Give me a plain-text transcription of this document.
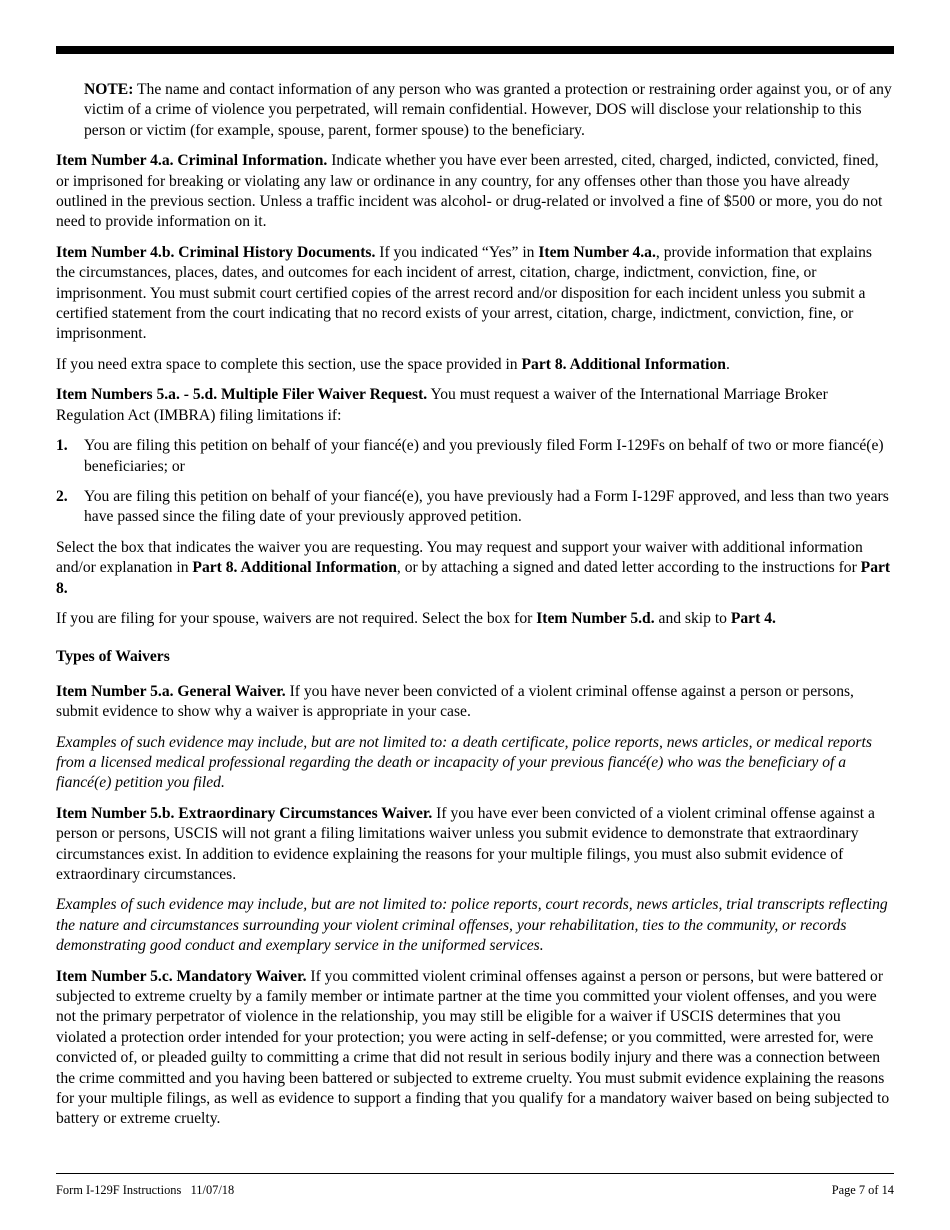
NOTE: The name and contact information of any person who was granted a protection or restraining order against you, or of any victim of a crime of violence you perpetrated, will remain confidential. However, DOS will disclose your relationship to this person or victim (for example, spouse, parent, former spouse) to the beneficiary.

Item Number 4.a. Criminal Information. Indicate whether you have ever been arrested, cited, charged, indicted, convicted, fined, or imprisoned for breaking or violating any law or ordinance in any country, for any offenses other than those you have already outlined in the previous section. Unless a traffic incident was alcohol- or drug-related or involved a fine of $500 or more, you do not need to provide information on it.

Item Number 4.b. Criminal History Documents. If you indicated “Yes” in Item Number 4.a., provide information that explains the circumstances, places, dates, and outcomes for each incident of arrest, citation, charge, indictment, conviction, fine, or imprisonment. You must submit court certified copies of the arrest record and/or disposition for each incident unless you submit a certified statement from the court indicating that no record exists of your arrest, citation, charge, indictment, conviction, fine, or imprisonment.

If you need extra space to complete this section, use the space provided in Part 8. Additional Information.

Item Numbers 5.a. - 5.d. Multiple Filer Waiver Request. You must request a waiver of the International Marriage Broker Regulation Act (IMBRA) filing limitations if:

1.	You are filing this petition on behalf of your fiancé(e) and you previously filed Form I-129Fs on behalf of two or more fiancé(e) beneficiaries; or
2.	You are filing this petition on behalf of your fiancé(e), you have previously had a Form I-129F approved, and less than two years have passed since the filing date of your previously approved petition.

Select the box that indicates the waiver you are requesting. You may request and support your waiver with additional information and/or explanation in Part 8. Additional Information, or by attaching a signed and dated letter according to the instructions for Part 8.

If you are filing for your spouse, waivers are not required. Select the box for Item Number 5.d. and skip to Part 4.

Types of Waivers

Item Number 5.a. General Waiver. If you have never been convicted of a violent criminal offense against a person or persons, submit evidence to show why a waiver is appropriate in your case.

Examples of such evidence may include, but are not limited to: a death certificate, police reports, news articles, or medical reports from a licensed medical professional regarding the death or incapacity of your previous fiancé(e) who was the beneficiary of a fiancé(e) petition you filed.

Item Number 5.b. Extraordinary Circumstances Waiver. If you have ever been convicted of a violent criminal offense against a person or persons, USCIS will not grant a filing limitations waiver unless you submit evidence to demonstrate that extraordinary circumstances exist. In addition to evidence explaining the reasons for your multiple filings, you must also submit evidence of extraordinary circumstances.

Examples of such evidence may include, but are not limited to: police reports, court records, news articles, trial transcripts reflecting the nature and circumstances surrounding your violent criminal offenses, your rehabilitation, ties to the community, or records demonstrating good conduct and exemplary service in the uniformed services.

Item Number 5.c. Mandatory Waiver. If you committed violent criminal offenses against a person or persons, but were battered or subjected to extreme cruelty by a family member or intimate partner at the time you committed your violent offenses, and you were not the primary perpetrator of violence in the relationship, you may still be eligible for a waiver if USCIS determines that you violated a protection order intended for your protection; you were acting in self-defense; or you committed, were arrested for, were convicted of, or pleaded guilty to committing a crime that did not result in serious bodily injury and there was a connection between the crime committed and you having been battered or subjected to extreme cruelty. You must submit evidence explaining the reasons for your multiple filings, as well as evidence to support a finding that you qualify for a mandatory waiver based on being subjected to battery or extreme cruelty.

Form I-129F Instructions   11/07/18	Page 7 of 14
